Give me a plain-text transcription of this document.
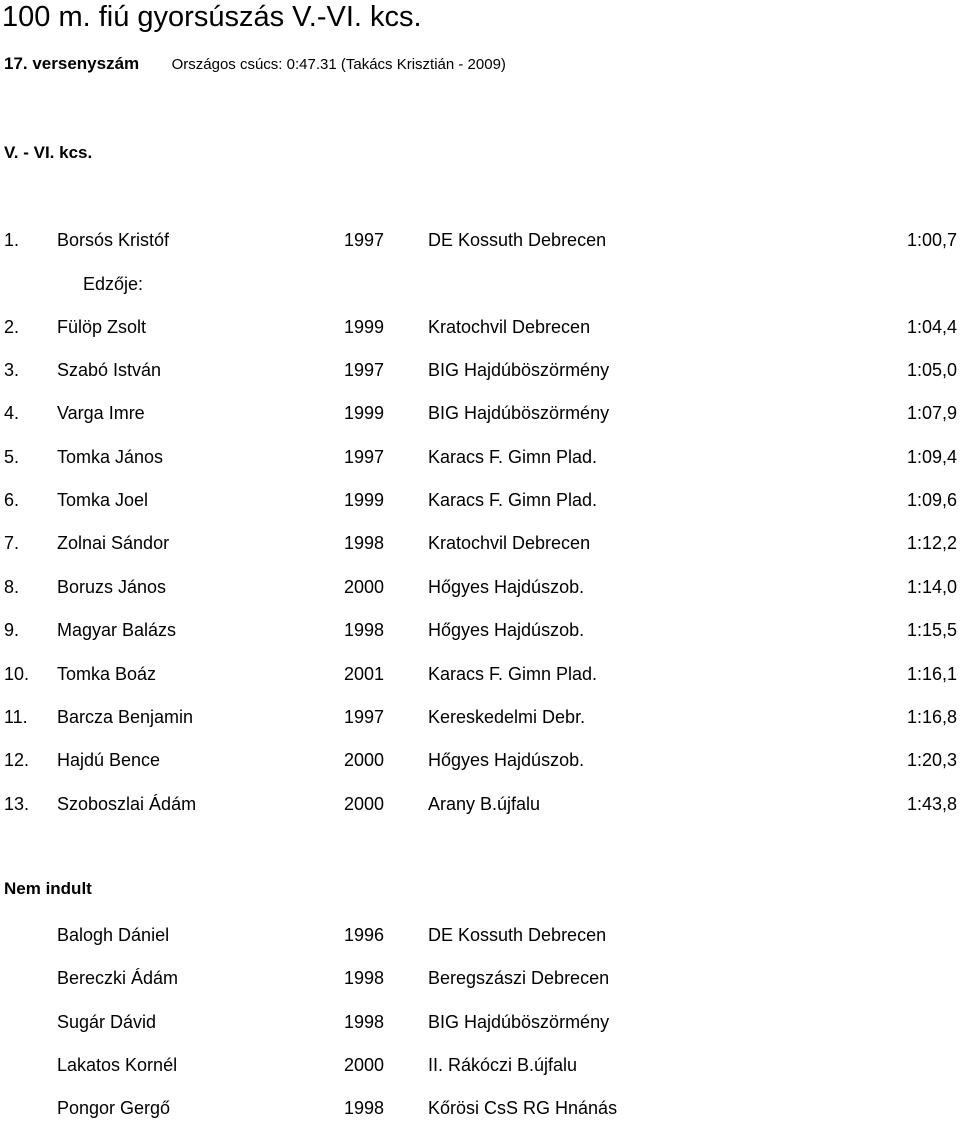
100 m. fiú gyorsúszás V.-VI. kcs.
17. versenyszám Országos csúcs: 0:47.31 (Takács Krisztián - 2009)
V. - VI. kcs.
1. Borsós Kristóf	1997 DE Kossuth Debrecen	1:00,7
Edzője:
2. Fülöp Zsolt	1999 Kratochvil Debrecen	1:04,4
3. Szabó István	1997 BIG Hajdúböszörmény	1:05,0
4. Varga Imre	1999 BIG Hajdúböszörmény	1:07,9
5. Tomka János	1997 Karacs F. Gimn Plad.	1:09,4
6. Tomka Joel	1999 Karacs F. Gimn Plad.	1:09,6
7. Zolnai Sándor	1998 Kratochvil Debrecen	1:12,2
8. Boruzs János	2000 Hőgyes Hajdúszob.	1:14,0
9. Magyar Balázs	1998 Hőgyes Hajdúszob.	1:15,5
10. Tomka Boáz	2001 Karacs F. Gimn Plad.	1:16,1
11. Barcza Benjamin	1997 Kereskedelmi Debr.	1:16,8
12. Hajdú Bence	2000 Hőgyes Hajdúszob.	1:20,3
13. Szoboszlai Ádám	2000 Arany B.újfalu	1:43,8
Nem indult
Balogh Dániel	1996 DE Kossuth Debrecen
Bereczki Ádám	1998 Beregszászi Debrecen
Sugár Dávid	1998 BIG Hajdúböszörmény
Lakatos Kornél	2000 II. Rákóczi B.újfalu
Pongor Gergő	1998 Kőrösi CsS RG Hnánás
